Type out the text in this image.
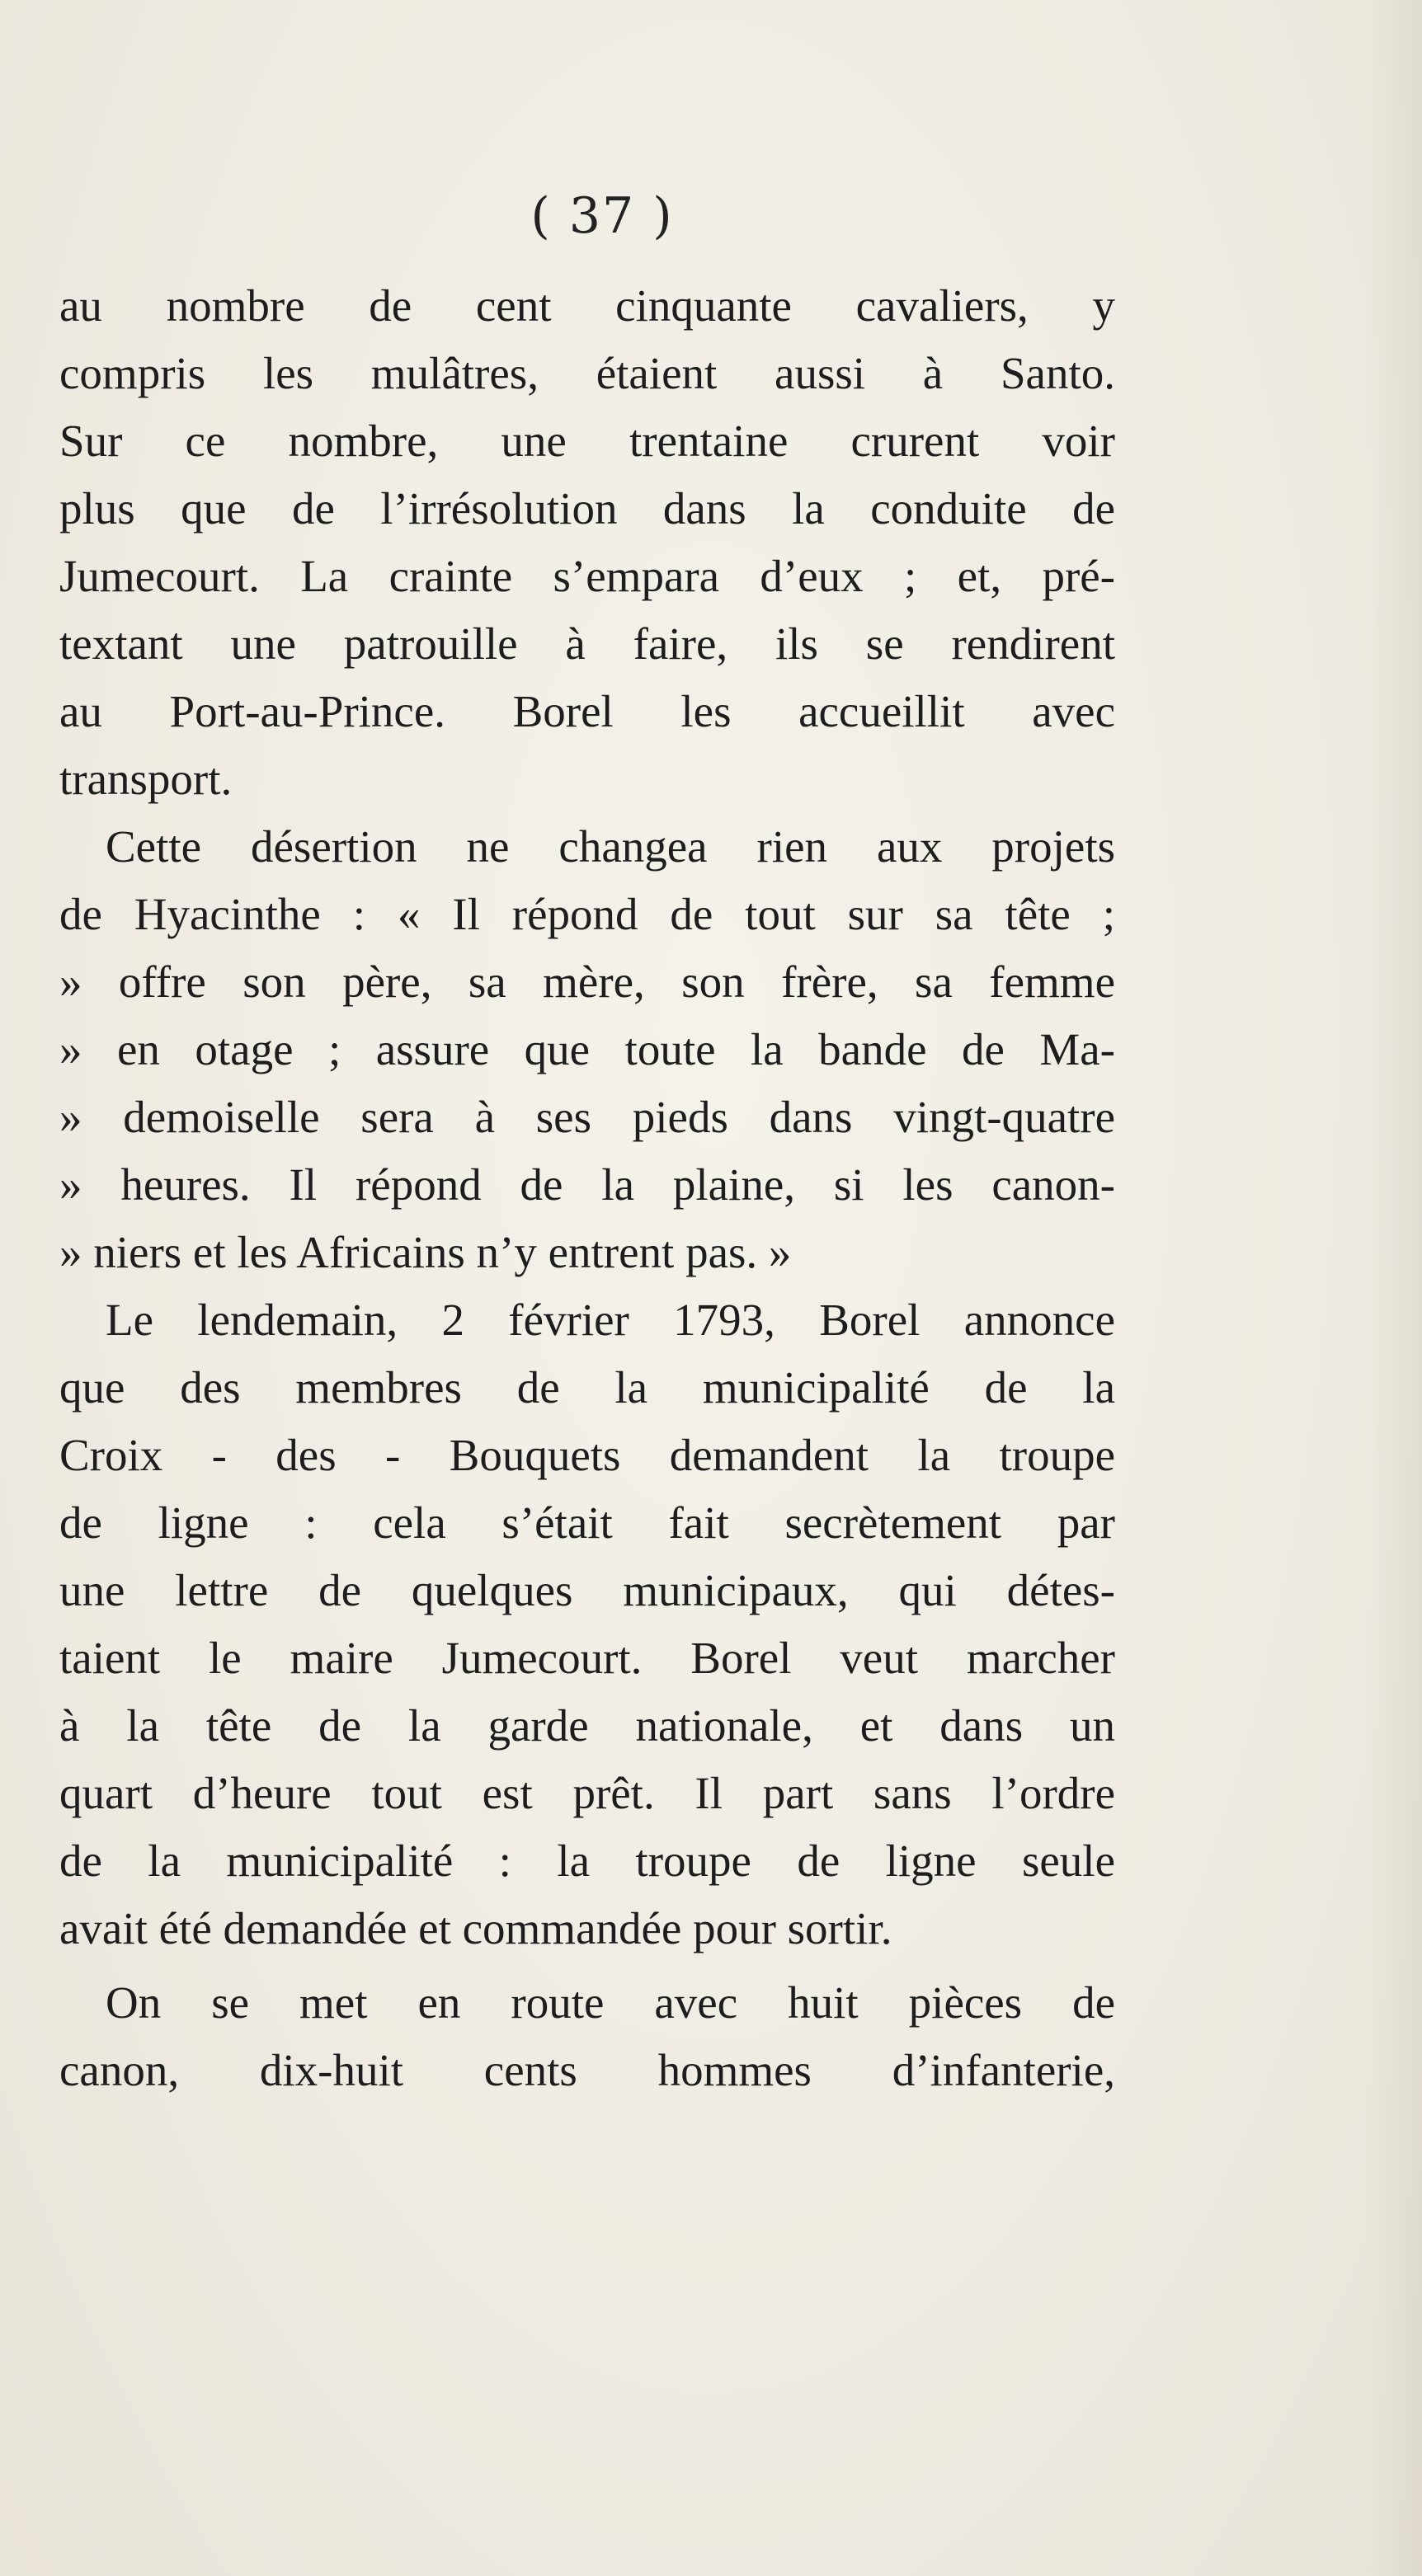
( 37 )
au nombre de cent cinquante cavaliers, y
compris les mulâtres, étaient aussi à Santo.
Sur ce nombre, une trentaine crurent voir
plus que de l’irrésolution dans la conduite de
Jumecourt. La crainte s’empara d’eux ; et, pré-
textant une patrouille à faire, ils se rendirent
au Port-au-Prince. Borel les accueillit avec
transport.
Cette désertion ne changea rien aux projets
de Hyacinthe : « Il répond de tout sur sa tête ;
» offre son père, sa mère, son frère, sa femme
» en otage ; assure que toute la bande de Ma-
» demoiselle sera à ses pieds dans vingt-quatre
» heures. Il répond de la plaine, si les canon-
» niers et les Africains n’y entrent pas. »
Le lendemain, 2 février 1793, Borel annonce
que des membres de la municipalité de la
Croix - des - Bouquets demandent la troupe
de ligne : cela s’était fait secrètement par
une lettre de quelques municipaux, qui détes-
taient le maire Jumecourt. Borel veut marcher
à la tête de la garde nationale, et dans un
quart d’heure tout est prêt. Il part sans l’ordre
de la municipalité : la troupe de ligne seule
avait été demandée et commandée pour sortir.
On se met en route avec huit pièces de
canon, dix-huit cents hommes d’infanterie,
